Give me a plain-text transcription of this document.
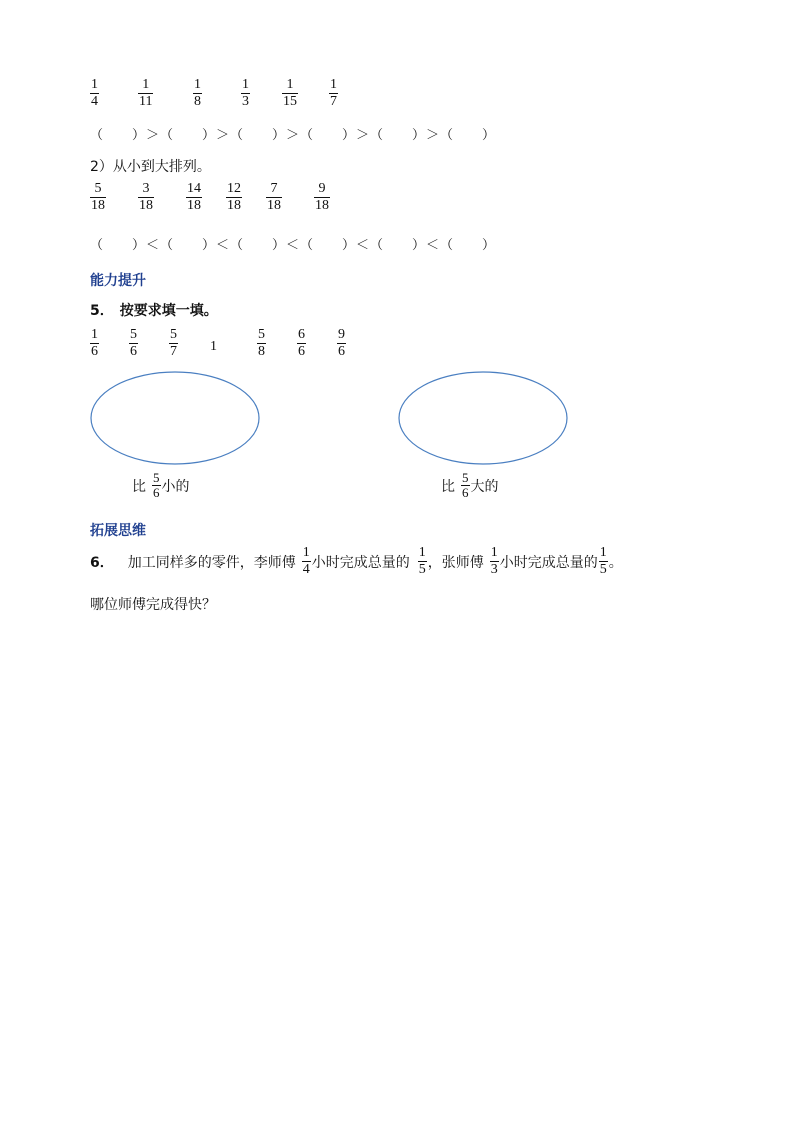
$\frac{1}{4}$	$\frac{1}{11}$	$\frac{1}{8}$	$\frac{1}{3} \frac{1}{15} \frac{1}{7}$
（　　）＞（　　）＞（　　）＞（　　）＞（　　）＞（　　）
2）从小到大排列。
$\frac{5}{18} \frac{3}{18} \frac{14}{18} \frac{12}{18} \frac{7}{18} \frac{9}{18}$
（　　）＜（　　）＜（　　）＜（　　）＜（　　）＜（　　）
能力提升
5． 按要求填一填。
$\frac{1}{6} \frac{5}{6} \frac{5}{7} 1$	$\frac{5}{8} \frac{6}{6} \frac{9}{6}$
比 $\frac{5}{6}$ 小的	比 $\frac{5}{6}$ 大的
拓展思维
6． 加工同样多的零件，李师傅 $\frac{1}{4}$ 小时完成总量的 $\frac{1}{5}$ ，张师傅 $\frac{1}{3}$ 小时完成总量的 $\frac{1}{5}$ 。
哪位师傅完成得快？
